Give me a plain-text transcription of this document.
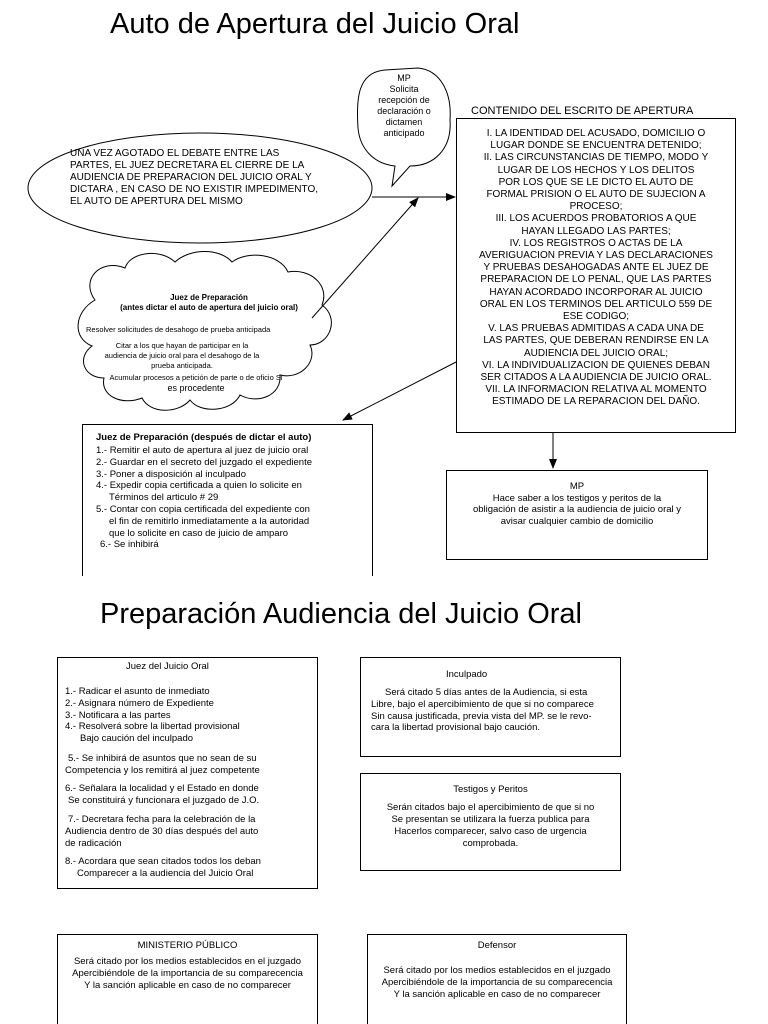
Auto de Apertura del Juicio Oral
UNA VEZ AGOTADO EL DEBATE ENTRE LAS
PARTES, EL JUEZ DECRETARA EL CIERRE DE LA
AUDIENCIA DE PREPARACION DEL JUICIO ORAL Y
DICTARA , EN CASO DE NO EXISTIR IMPEDIMENTO,
EL AUTO DE APERTURA DEL MISMO
MP
Solicita
recepción de
declaración o
dictamen
anticipado
Juez de Preparación
(antes dictar el auto de apertura del juicio oral)
Resolver solicitudes de desahogo de prueba anticipada
Citar a los que hayan de participar en la
audiencia de juicio oral para el desahogo de la
prueba anticipada.
Acumular procesos a petición de parte o de oficio Si
es procedente
CONTENIDO DEL ESCRITO DE APERTURA
I. LA IDENTIDAD DEL ACUSADO, DOMICILIO O
LUGAR DONDE SE ENCUENTRA DETENIDO;
II. LAS CIRCUNSTANCIAS DE TIEMPO, MODO Y
LUGAR DE LOS HECHOS Y LOS DELITOS
POR LOS QUE SE LE DICTO EL AUTO DE
FORMAL PRISION O EL AUTO DE SUJECION A
PROCESO;
III. LOS ACUERDOS PROBATORIOS A QUE
HAYAN LLEGADO LAS PARTES;
IV. LOS REGISTROS O ACTAS DE LA
AVERIGUACION PREVIA Y LAS DECLARACIONES
Y PRUEBAS DESAHOGADAS ANTE EL JUEZ DE
PREPARACION DE LO PENAL, QUE LAS PARTES
HAYAN ACORDADO INCORPORAR AL JUICIO
ORAL EN LOS TERMINOS DEL ARTICULO 559 DE
ESE CODIGO;
V. LAS PRUEBAS ADMITIDAS A CADA UNA DE
LAS PARTES, QUE DEBERAN RENDIRSE EN LA
AUDIENCIA DEL JUICIO ORAL;
VI. LA INDIVIDUALIZACION DE QUIENES DEBAN
SER CITADOS A LA AUDIENCIA DE JUICIO ORAL.
VII. LA INFORMACION RELATIVA AL MOMENTO
ESTIMADO DE LA REPARACION DEL DAÑO.
Juez de Preparación (después de dictar el auto)
1.- Remitir el auto de apertura al juez de juicio oral
2.- Guardar en el secreto del juzgado el expediente
3.- Poner a disposición al inculpado
4.- Expedir copia certificada a quien lo solicite en
Términos del articulo # 29
5.- Contar con copia certificada del expediente con
el fin de remitirlo inmediatamente a la autoridad
que lo solicite en caso de juicio de amparo
6.- Se inhibirá
MP
Hace saber a los testigos y peritos de la
obligación de asistir a la audiencia de juicio oral y
avisar cualquier cambio de domicilio
Preparación Audiencia del Juicio Oral
Juez del Juicio Oral
1.- Radicar el asunto de inmediato
2.- Asignara número de Expediente
3.- Notificara a las partes
4.- Resolverá sobre la libertad provisional
Bajo caución del inculpado
5.- Se inhibirá de asuntos que no sean de su
Competencia y los remitirá al juez competente
6.- Señalara la localidad y el Estado en donde
Se constituirá y funcionara el juzgado de J.O.
7.- Decretara fecha para la celebración de la
Audiencia dentro de 30 días después del auto
de radicación
8.- Acordara que sean citados todos los deban
Comparecer a la audiencia del Juicio Oral
Inculpado
Será citado 5 días antes de la Audiencia, si esta
Libre, bajo el apercibimiento de que si no comparece
Sin causa justificada, previa vista del MP. se le revo-
cara la libertad provisional bajo caución.
Testigos y Peritos
Serán citados bajo el apercibimiento de que si no
Se presentan se utilizara la fuerza publica para
Hacerlos comparecer, salvo caso de urgencia
comprobada.
MINISTERIO PÚBLICO
Será citado por los medios establecidos en el juzgado
Apercibiéndole de la importancia de su comparecencia
Y la sanción aplicable en caso de no comparecer
Defensor
Será citado por los medios establecidos en el juzgado
Apercibiéndole de la importancia de su comparecencia
Y la sanción aplicable en caso de no comparecer
